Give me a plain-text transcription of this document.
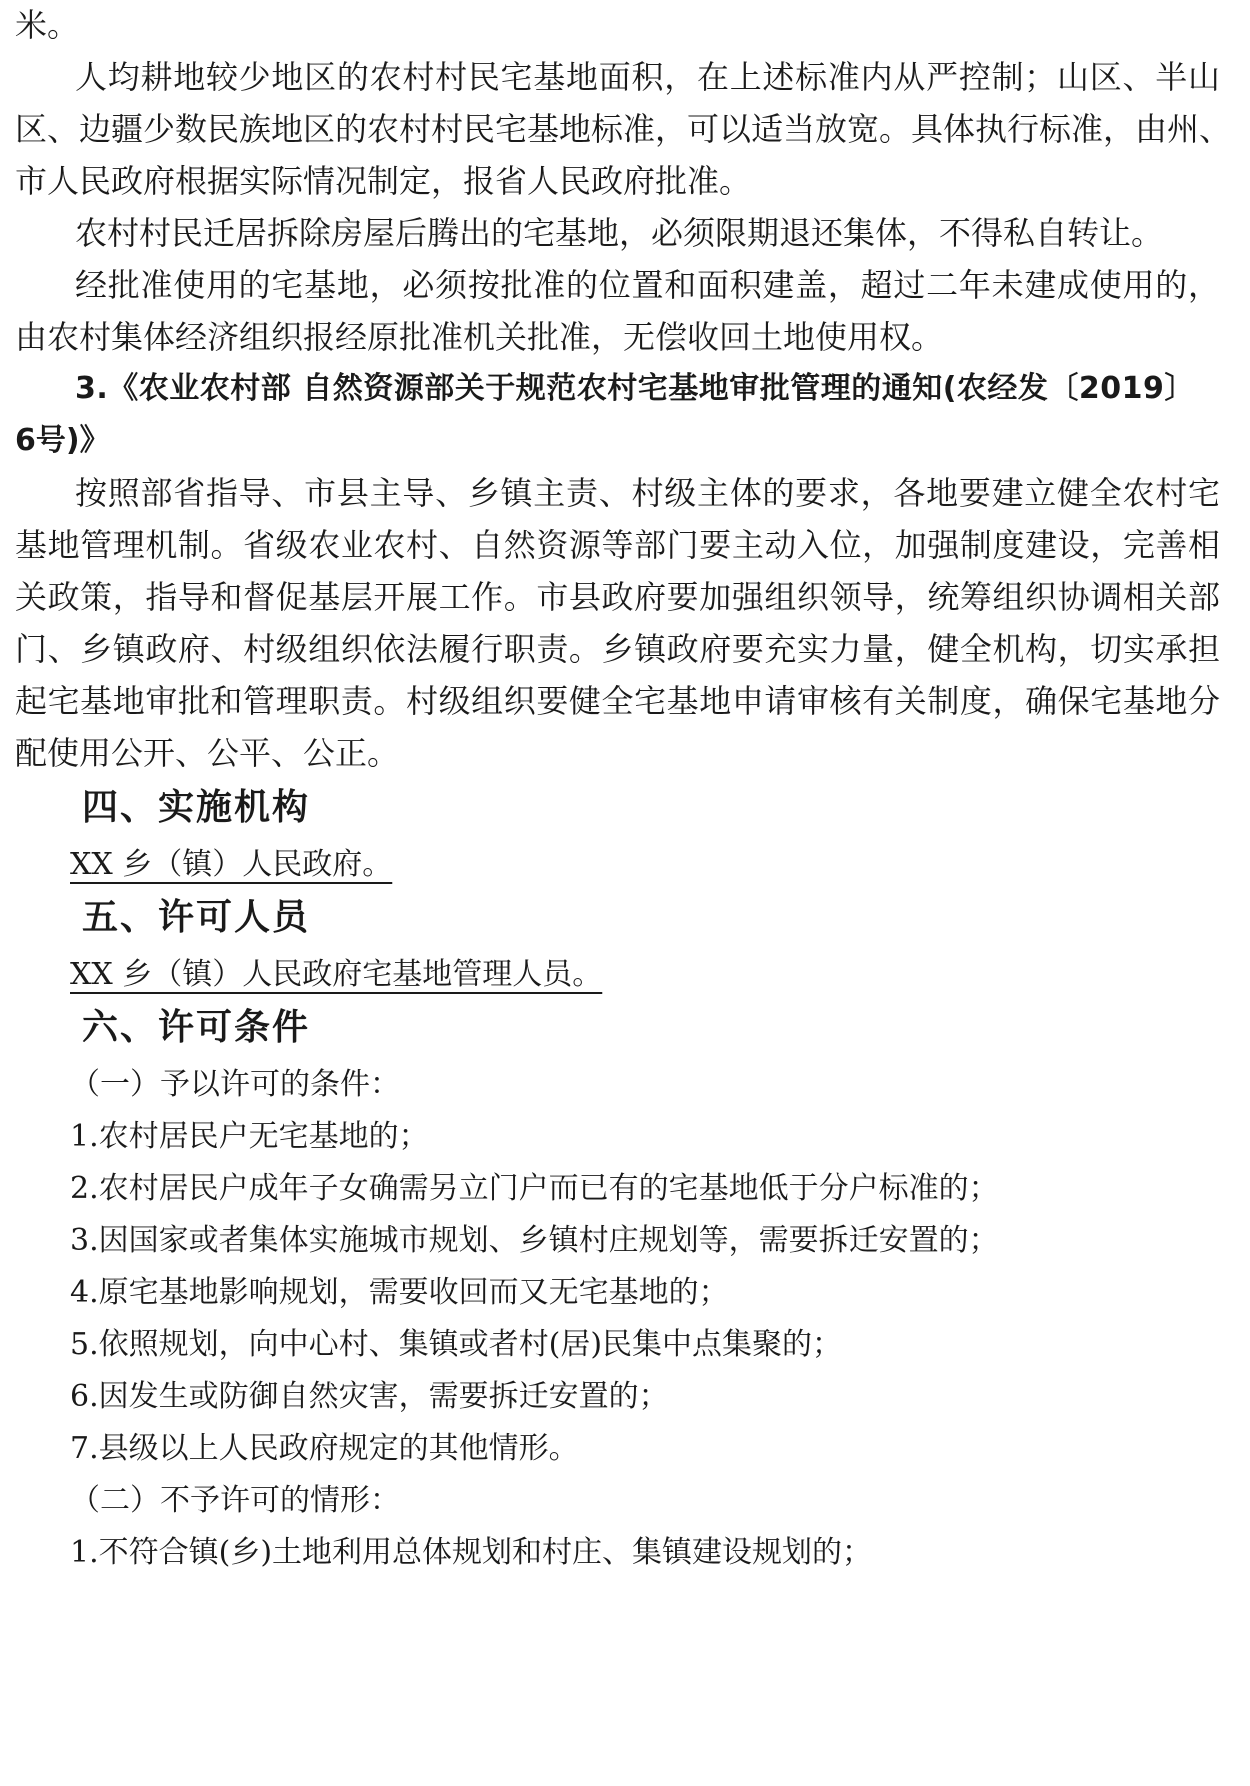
米。

人均耕地较少地区的农村村民宅基地面积，在上述标准内从严控制；山区、半山

区、边疆少数民族地区的农村村民宅基地标准，可以适当放宽。具体执行标准，由州、

市人民政府根据实际情况制定，报省人民政府批准。

农村村民迁居拆除房屋后腾出的宅基地，必须限期退还集体，不得私自转让。

经批准使用的宅基地，必须按批准的位置和面积建盖，超过二年未建成使用的，

由农村集体经济组织报经原批准机关批准，无偿收回土地使用权。

3.《农业农村部 自然资源部关于规范农村宅基地审批管理的通知(农经发〔2019〕

6号)》

按照部省指导、市县主导、乡镇主责、村级主体的要求，各地要建立健全农村宅

基地管理机制。省级农业农村、自然资源等部门要主动入位，加强制度建设，完善相

关政策，指导和督促基层开展工作。市县政府要加强组织领导，统筹组织协调相关部

门、乡镇政府、村级组织依法履行职责。乡镇政府要充实力量，健全机构，切实承担

起宅基地审批和管理职责。村级组织要健全宅基地申请审核有关制度，确保宅基地分

配使用公开、公平、公正。

四、实施机构

XX 乡（镇）人民政府。

五、许可人员

XX 乡（镇）人民政府宅基地管理人员。

六、许可条件

（一）予以许可的条件：

1.农村居民户无宅基地的；

2.农村居民户成年子女确需另立门户而已有的宅基地低于分户标准的；

3.因国家或者集体实施城市规划、乡镇村庄规划等，需要拆迁安置的；

4.原宅基地影响规划，需要收回而又无宅基地的；

5.依照规划，向中心村、集镇或者村(居)民集中点集聚的；

6.因发生或防御自然灾害，需要拆迁安置的；

7.县级以上人民政府规定的其他情形。

（二）不予许可的情形：

1.不符合镇(乡)土地利用总体规划和村庄、集镇建设规划的；
